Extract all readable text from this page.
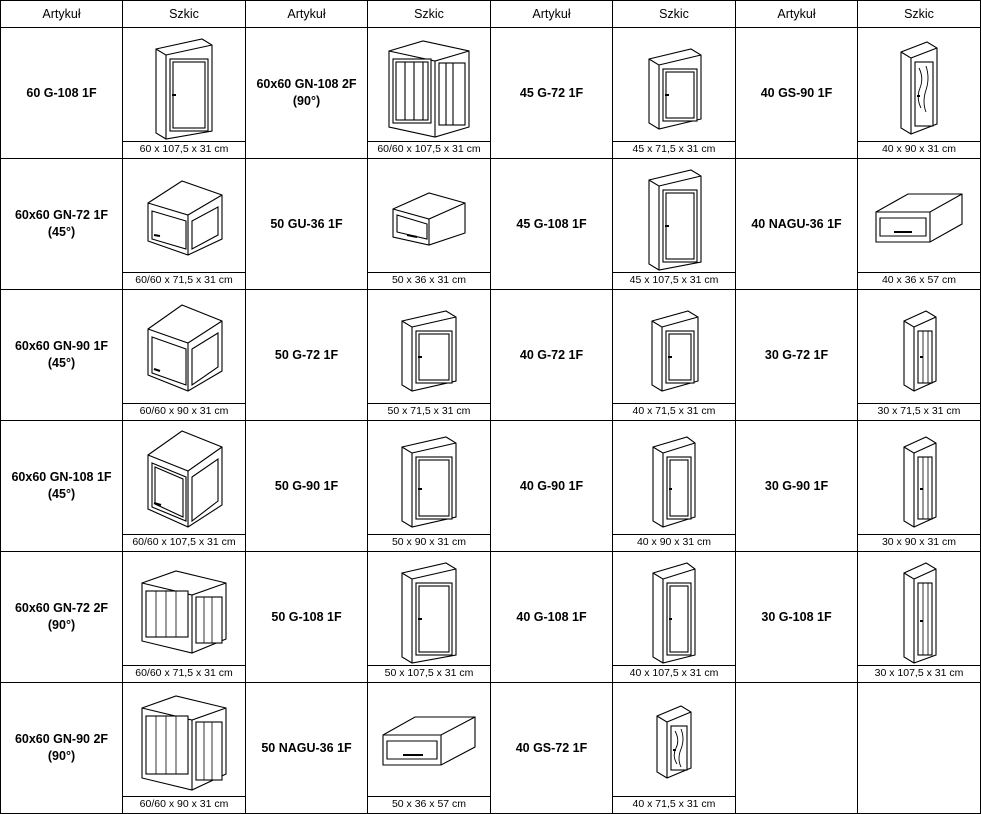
Artykuł	Szkic	Artykuł	Szkic	Artykuł	Szkic	Artykuł	Szkic
60 G-108 1F	60 x 107,5 x 31 cm	60x60 GN-108 2F (90°)	60/60 x 107,5 x 31 cm	45 G-72 1F	45 x 71,5 x 31 cm	40 GS-90 1F	40 x 90 x 31 cm

60x60 GN-72 1F (45°)	60/60 x 71,5 x 31 cm	50 GU-36 1F	50 x 36 x 31 cm	45 G-108 1F	45 x 107,5 x 31 cm	40 NAGU-36 1F	40 x 36 x 57 cm

60x60 GN-90 1F (45°)	60/60 x 90 x 31 cm	50 G-72 1F	50 x 71,5 x 31 cm	40 G-72 1F	40 x 71,5 x 31 cm	30 G-72 1F	30 x 71,5 x 31 cm

60x60 GN-108 1F (45°)	60/60 x 107,5 x 31 cm	50 G-90 1F	50 x 90 x 31 cm	40 G-90 1F	40 x 90 x 31 cm	30 G-90 1F	30 x 90 x 31 cm

60x60 GN-72 2F (90°)	60/60 x 71,5 x 31 cm	50 G-108 1F	50 x 107,5 x 31 cm	40 G-108 1F	40 x 107,5 x 31 cm	30 G-108 1F	30 x 107,5 x 31 cm

60x60 GN-90 2F (90°)	60/60 x 90 x 31 cm	50 NAGU-36 1F	50 x 36 x 57 cm	40 GS-72 1F	40 x 71,5 x 31 cm		
